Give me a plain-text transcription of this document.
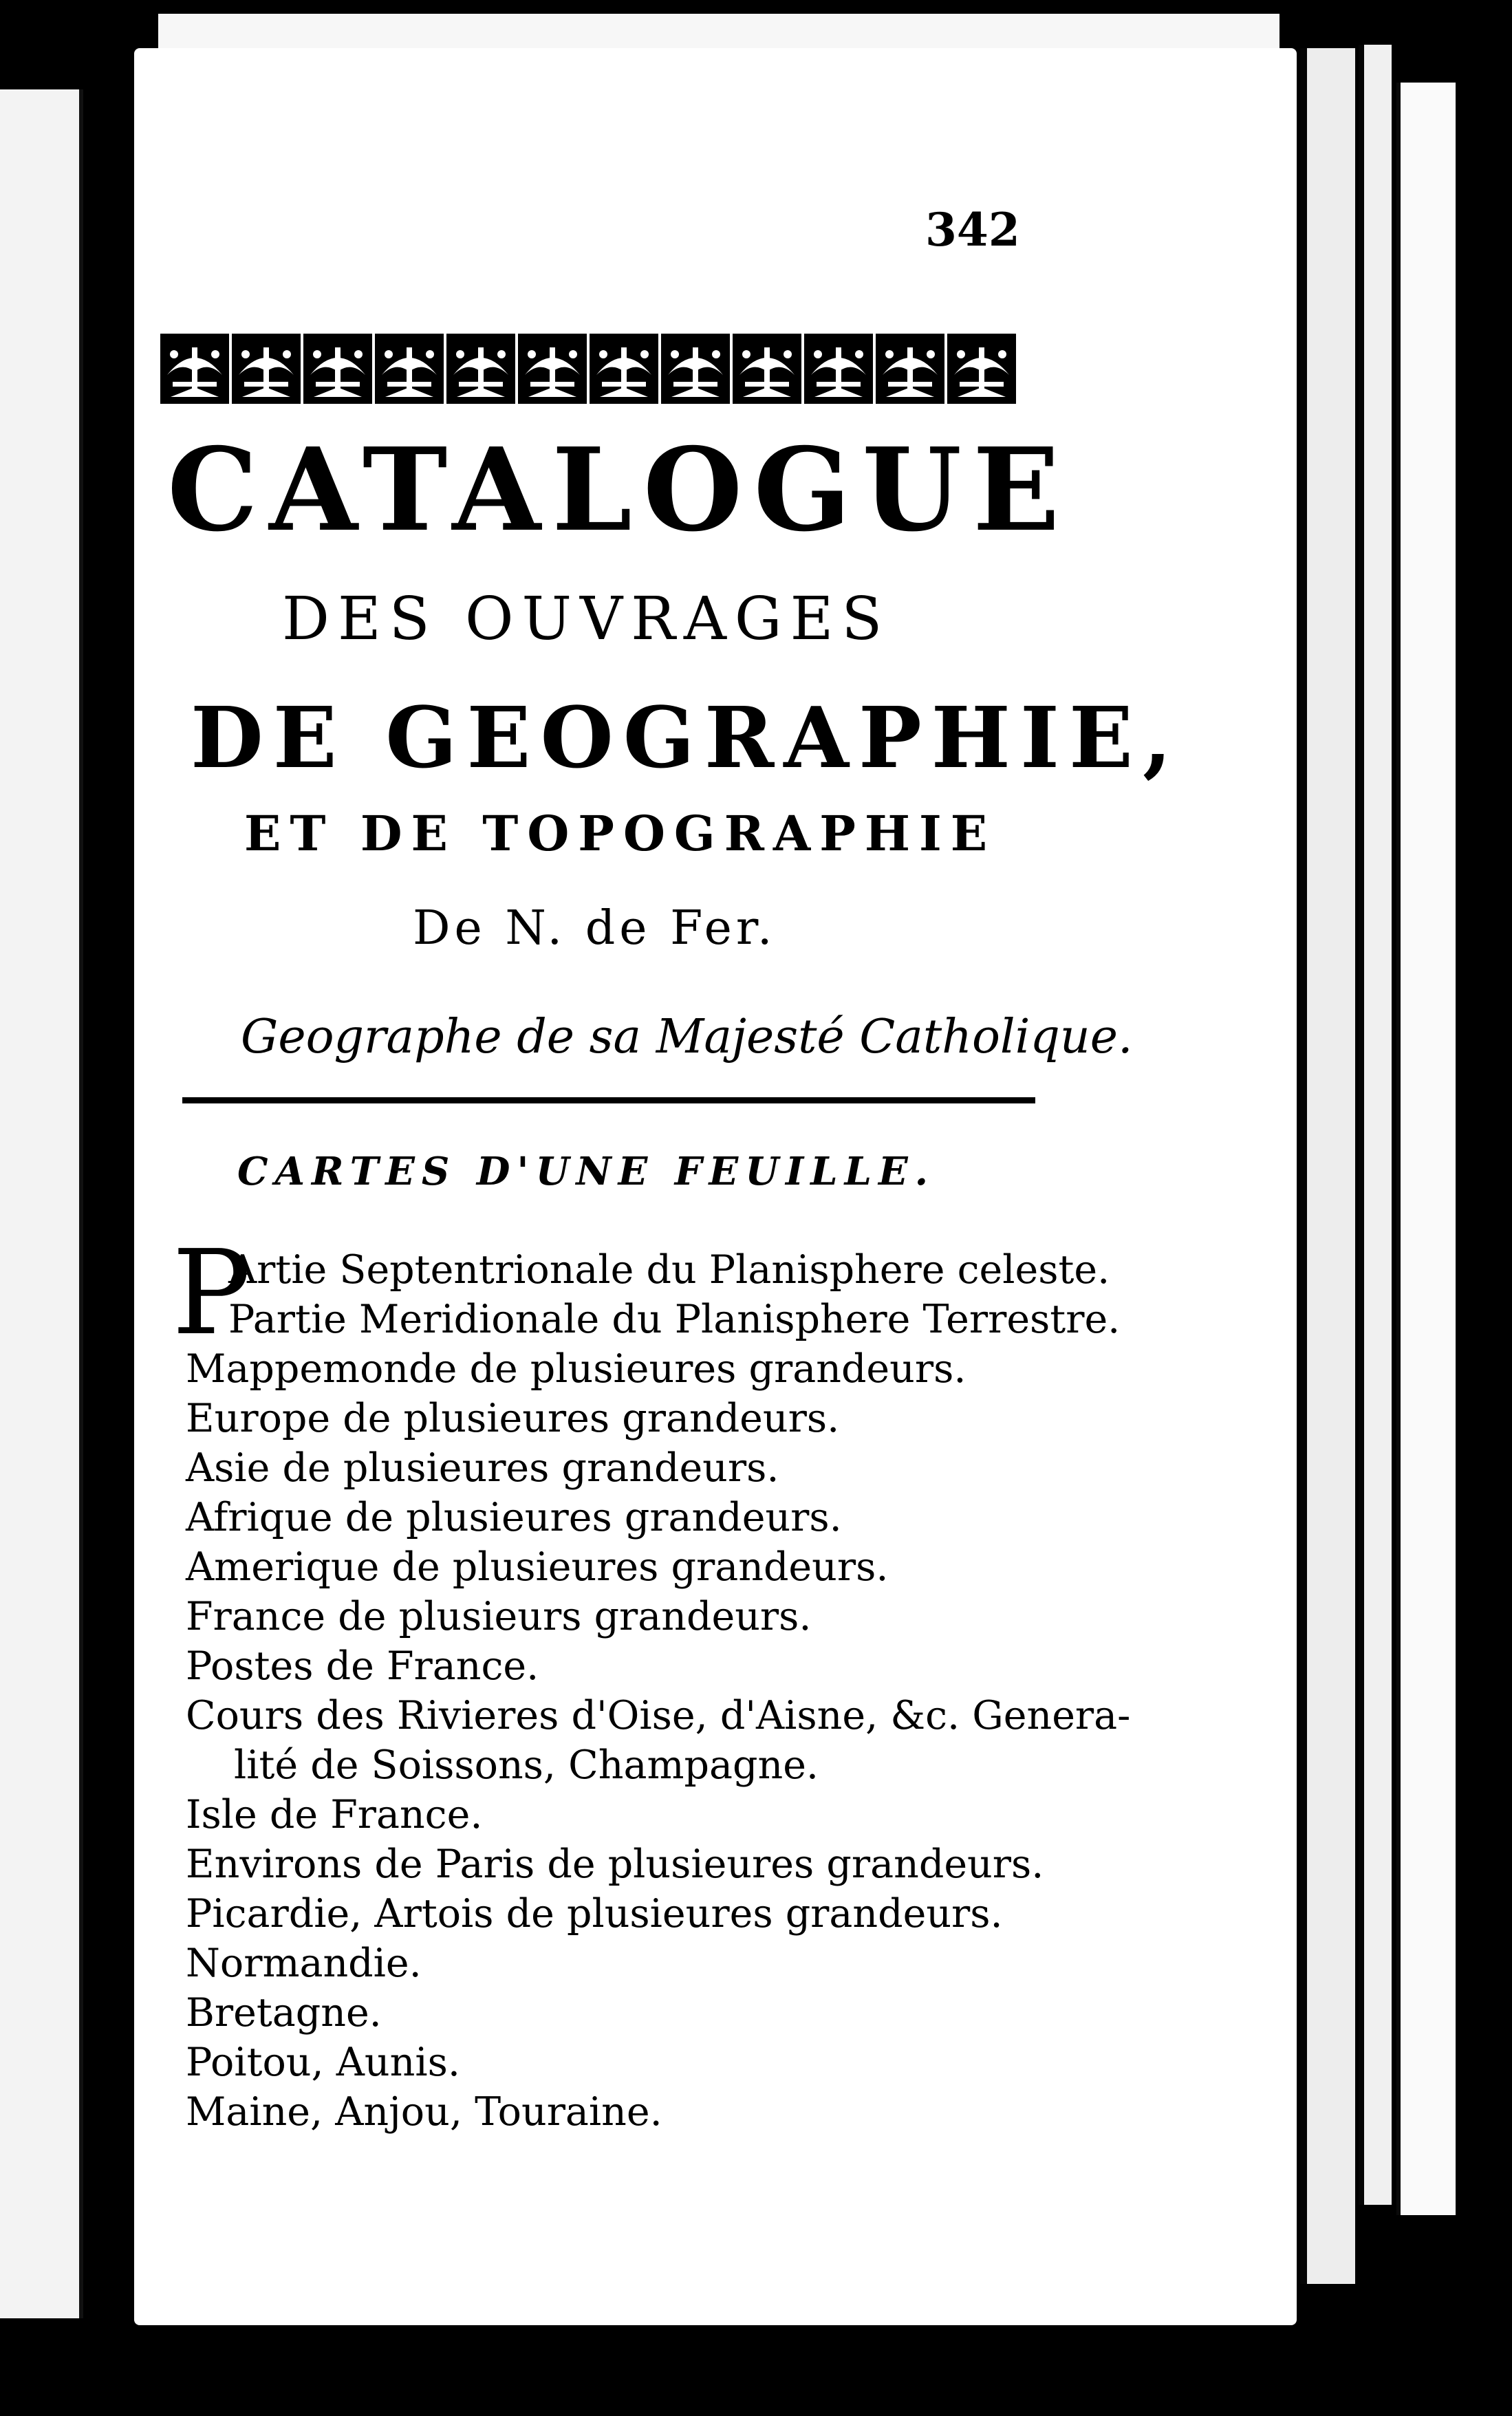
342
CATALOGUE
DES OUVRAGES
DE GEOGRAPHIE,
ET DE TOPOGRAPHIE
De N. de Fer.
Geographe de sa Majesté Catholique.
CARTES D'UNE FEUILLE.
P
Artie Septentrionale du Planisphere celeste.
Partie Meridionale du Planisphere Terrestre.
Mappemonde de plusieures grandeurs.
Europe de plusieures grandeurs.
Asie de plusieures grandeurs.
Afrique de plusieures grandeurs.
Amerique de plusieures grandeurs.
France de plusieurs grandeurs.
Postes de France.
Cours des Rivieres d'Oise, d'Aisne, &c. Genera-
lité de Soissons, Champagne.
Isle de France.
Environs de Paris de plusieures grandeurs.
Picardie, Artois de plusieures grandeurs.
Normandie.
Bretagne.
Poitou, Aunis.
Maine, Anjou, Touraine.
